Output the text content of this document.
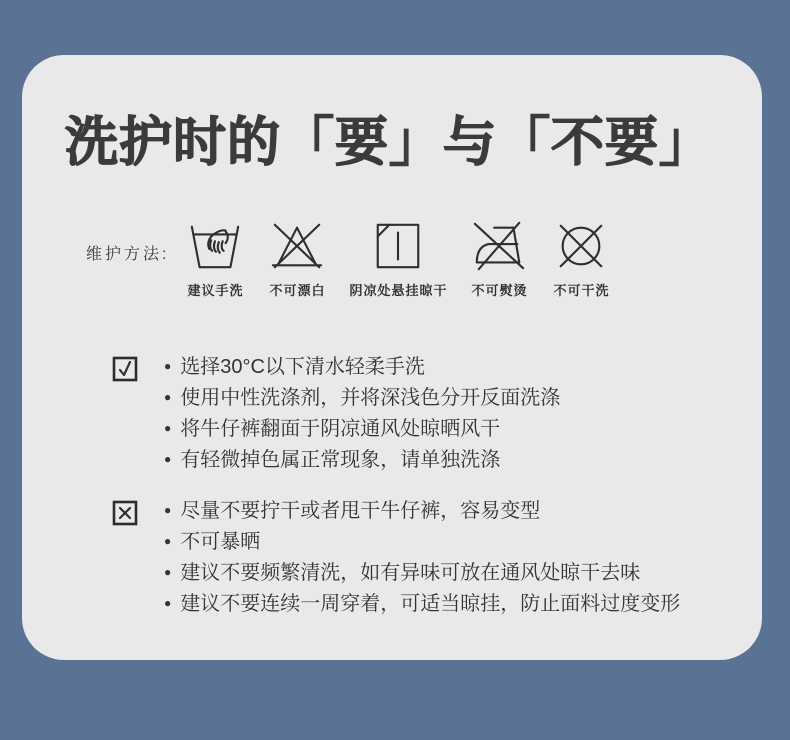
洗护时的「要」与「不要」
维护方法:
建议手洗 不可漂白 阴凉处悬挂晾干 不可熨烫 不可干洗
● 选择30°C以下清水轻柔手洗
● 使用中性洗涤剂，并将深浅色分开反面洗涤
● 将牛仔裤翻面于阴凉通风处晾晒风干
● 有轻微掉色属正常现象，请单独洗涤
● 尽量不要拧干或者甩干牛仔裤，容易变型
● 不可暴晒
● 建议不要频繁清洗，如有异味可放在通风处晾干去味
● 建议不要连续一周穿着，可适当晾挂，防止面料过度变形
